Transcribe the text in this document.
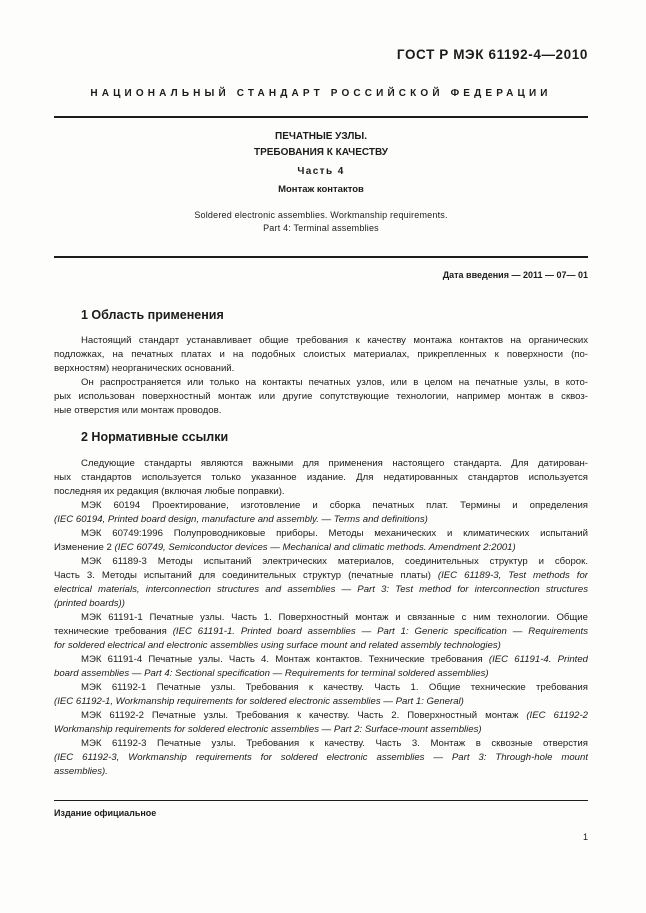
ГОСТ Р МЭК 61192-4—2010
НАЦИОНАЛЬНЫЙ СТАНДАРТ РОССИЙСКОЙ ФЕДЕРАЦИИ
ПЕЧАТНЫЕ УЗЛЫ.
ТРЕБОВАНИЯ К КАЧЕСТВУ
Часть 4
Монтаж контактов
Soldered electronic assemblies. Workmanship requirements.
Part 4: Terminal assemblies
Дата введения — 2011 — 07— 01
1 Область применения
Настоящий стандарт устанавливает общие требования к качеству монтажа контактов на органических
подложках, на печатных платах и на подобных слоистых материалах, прикрепленных к поверхности (по-
верхностям) неорганических оснований.
Он распространяется или только на контакты печатных узлов, или в целом на печатные узлы, в кото-
рых использован поверхностный монтаж или другие сопутствующие технологии, например монтаж в сквоз-
ные отверстия или монтаж проводов.
2 Нормативные ссылки
Следующие стандарты являются важными для применения настоящего стандарта. Для датирован-
ных стандартов используется только указанное издание. Для недатированных стандартов используется
последняя их редакция (включая любые поправки).
МЭК 60194 Проектирование, изготовление и сборка печатных плат. Термины и определения
(IEC 60194, Printed board design, manufacture and assembly. — Terms and definitions)
МЭК 60749:1996 Полупроводниковые приборы. Методы механических и климатических испытаний
Изменение 2 (IEC 60749, Semiconductor devices — Mechanical and climatic methods. Amendment 2:2001)
МЭК 61189-3 Методы испытаний электрических материалов, соединительных структур и сборок.
Часть 3. Методы испытаний для соединительных структур (печатные платы) (IEC 61189-3, Test methods for
electrical materials, interconnection structures and assemblies — Part 3: Test method for interconnection structures
(printed boards))
МЭК 61191-1 Печатные узлы. Часть 1. Поверхностный монтаж и связанные с ним технологии. Общие
технические требования (IEC 61191-1. Printed board assemblies — Part 1: Generic specification — Requirements
for soldered electrical and electronic assemblies using surface mount and related assembly technologies)
МЭК 61191-4 Печатные узлы. Часть 4. Монтаж контактов. Технические требования (IEC 61191-4. Printed
board assemblies — Part 4: Sectional specification — Requirements for terminal soldered assemblies)
МЭК 61192-1 Печатные узлы. Требования к качеству. Часть 1. Общие технические требования
(IEC 61192-1, Workmanship requirements for soldered electronic assemblies — Part 1: General)
МЭК 61192-2 Печатные узлы. Требования к качеству. Часть 2. Поверхностный монтаж (IEC 61192-2
Workmanship requirements for soldered electronic assemblies — Part 2: Surface-mount assemblies)
МЭК 61192-3 Печатные узлы. Требования к качеству. Часть 3. Монтаж в сквозные отверстия
(IEC 61192-3, Workmanship requirements for soldered electronic assemblies — Part 3: Through-hole mount
assemblies).
Издание официальное
1
